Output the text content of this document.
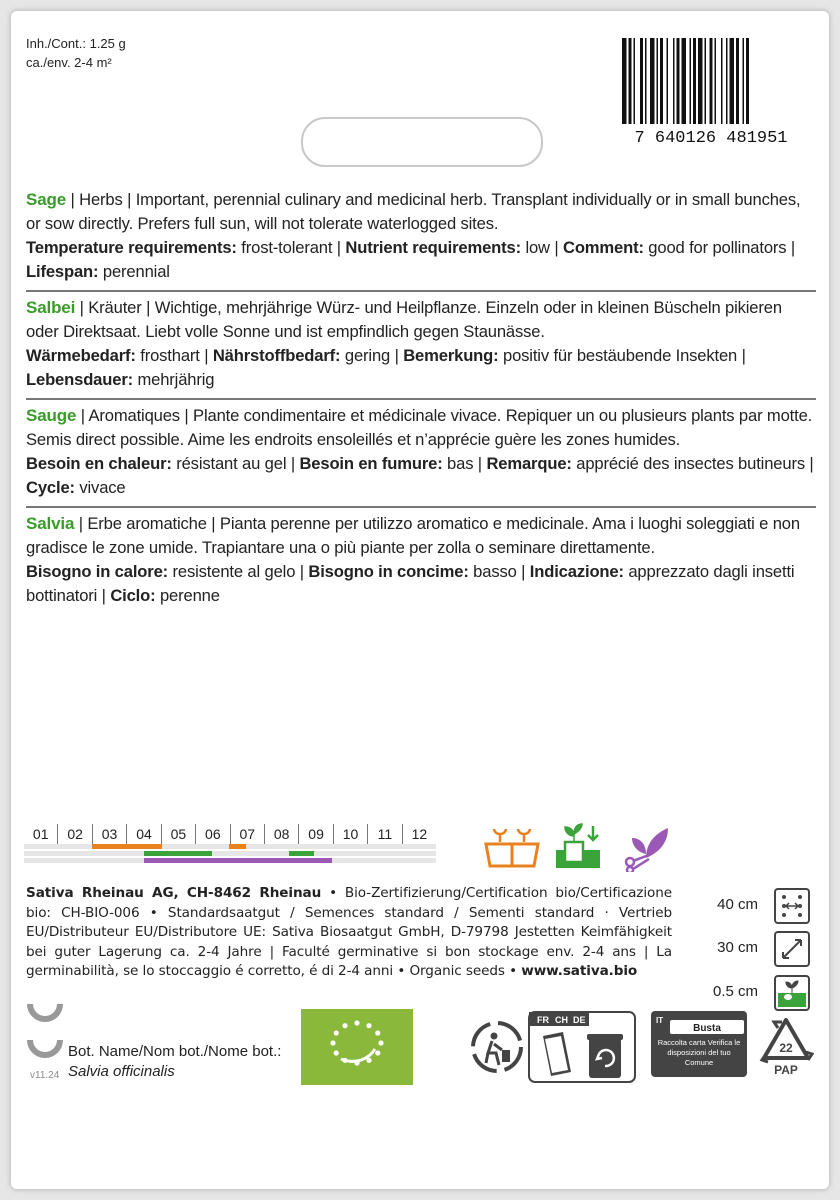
Inh./Cont.: 1.25 g
ca./env. 2-4 m²
7 640126 481951
Sage | Herbs | Important, perennial culinary and medicinal herb. Transplant individually or in small bunches, or sow directly. Prefers full sun, will not tolerate waterlogged sites.
Temperature requirements: frost-tolerant | Nutrient requirements: low | Comment: good for pollinators | Lifespan: perennial
Salbei | Kräuter | Wichtige, mehrjährige Würz- und Heilpflanze. Einzeln oder in kleinen Büscheln pikieren oder Direktsaat. Liebt volle Sonne und ist empfindlich gegen Staunässe.
Wärmebedarf: frosthart | Nährstoffbedarf: gering | Bemerkung: positiv für bestäubende Insekten | Lebensdauer: mehrjährig
Sauge | Aromatiques | Plante condimentaire et médicinale vivace. Repiquer un ou plusieurs plants par motte. Semis direct possible. Aime les endroits ensoleillés et n’apprécie guère les zones humides.
Besoin en chaleur: résistant au gel | Besoin en fumure: bas | Remarque: apprécié des insectes butineurs | Cycle: vivace
Salvia | Erbe aromatiche | Pianta perenne per utilizzo aromatico e medicinale. Ama i luoghi soleggiati e non gradisce le zone umide. Trapiantare una o più piante per zolla o seminare direttamente.
Bisogno in calore: resistente al gelo | Bisogno in concime: basso | Indicazione: apprezzato dagli insetti bottinatori | Ciclo: perenne
01	02	03	04	05	06	07	08	09	10	11	12
Sativa Rheinau AG, CH-8462 Rheinau • Bio-Zertifizierung/Certification bio/Certificazione bio: CH-BIO-006 • Standardsaatgut / Semences standard / Sementi standard · Vertrieb EU/Distributeur EU/Distributore UE: Sativa Biosaatgut GmbH, D-79798 Jestetten Keimfähigkeit bei guter Lagerung ca. 2-4 Jahre | Faculté germinative si bon stockage env. 2-4 ans | La germinabilità, se lo stoccaggio é corretto, é di 2-4 anni • Organic seeds • www.sativa.bio
40 cm
30 cm
0.5 cm
v11.24
Bot. Name/Nom bot./Nome bot.:
Salvia officinalis
FR CH DE	IT
Busta
Raccolta carta Verifica le disposizioni del tuo Comune
22
PAP
